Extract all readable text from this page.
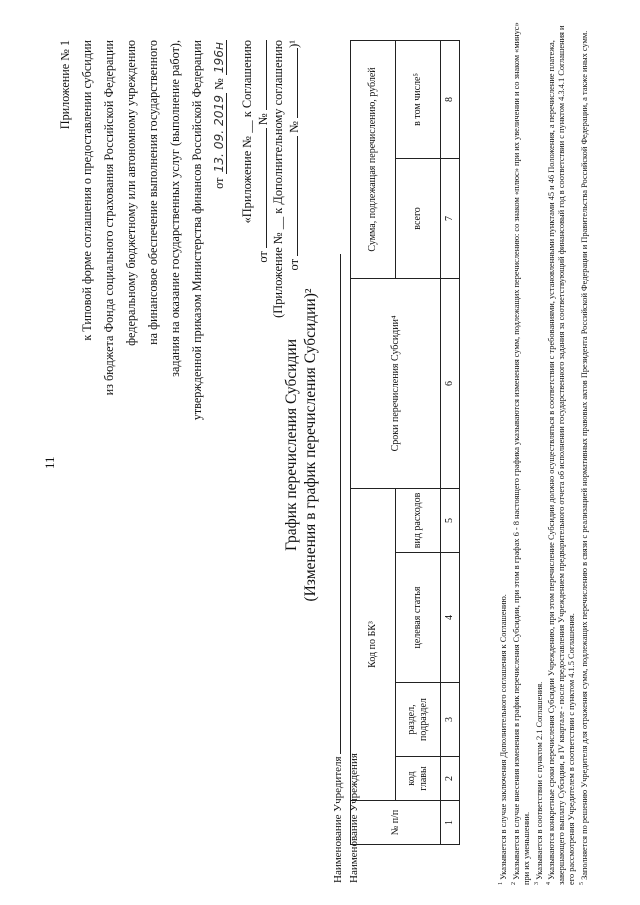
11
Приложение № 1 к Типовой форме соглашения о предоставлении субсидии из бюджета Фонда социального страхования Российской Федерации федеральному бюджетному или автономному учреждению на финансовое обеспечение выполнения государственного задания на оказание государственных услуг (выполнение работ), утвержденной приказом Министерства финансов Российской Федерации от 13. 09. 2019 № 196н	«Приложение № __ к Соглашению
от  № (Приложение № __ к Дополнительному соглашению от  № )¹
График перечисления Субсидии (Изменения в график перечисления Субсидии)²
Наименование Учредителя Наименование Учреждения	№ п/п	Код по БК³				Сроки перечисления Субсидии⁴	Сумма, подлежащая перечислению, рублей	
	код главы	раздел, подраздел	целевая статья	вид расходов		всего	в том числе⁵
1	2	3	4	5	6	7	8
$^1$ Указывается в случае заключения Дополнительного соглашения к Соглашению.
$^2$ Указывается в случае внесения изменения в график перечисления Субсидии, при этом в графах 6 - 8 настоящего графика указываются изменения сумм, подлежащих перечислению: со знаком «плюс» при их увеличении и со знаком «минус» при их уменьшении. $^3$ Указывается в соответствии с пунктом 2.1 Соглашения.
$^4$ Указываются конкретные сроки перечисления Субсидии Учреждению, при этом перечисление Субсидии должно осуществляться в соответствии с требованиями, установленными пунктами 45 и 46 Положения, а перечисление платежа, завершающего выплату Субсидии, в IV квартале - после предоставления Учреждением предварительного отчета об исполнении государственного задания за соответствующий финансовый год в соответствии с пунктом 4.3.4.1 Соглашения и его рассмотрения Учредителем в соответствии с пунктом 4.1.5 Соглашения. $^5$ Заполняется по решению Учредителя для отражения сумм, подлежащих перечислению в связи с реализацией нормативных правовых актов Президента Российской Федерации и Правительства Российской Федерации, а также иных сумм.
